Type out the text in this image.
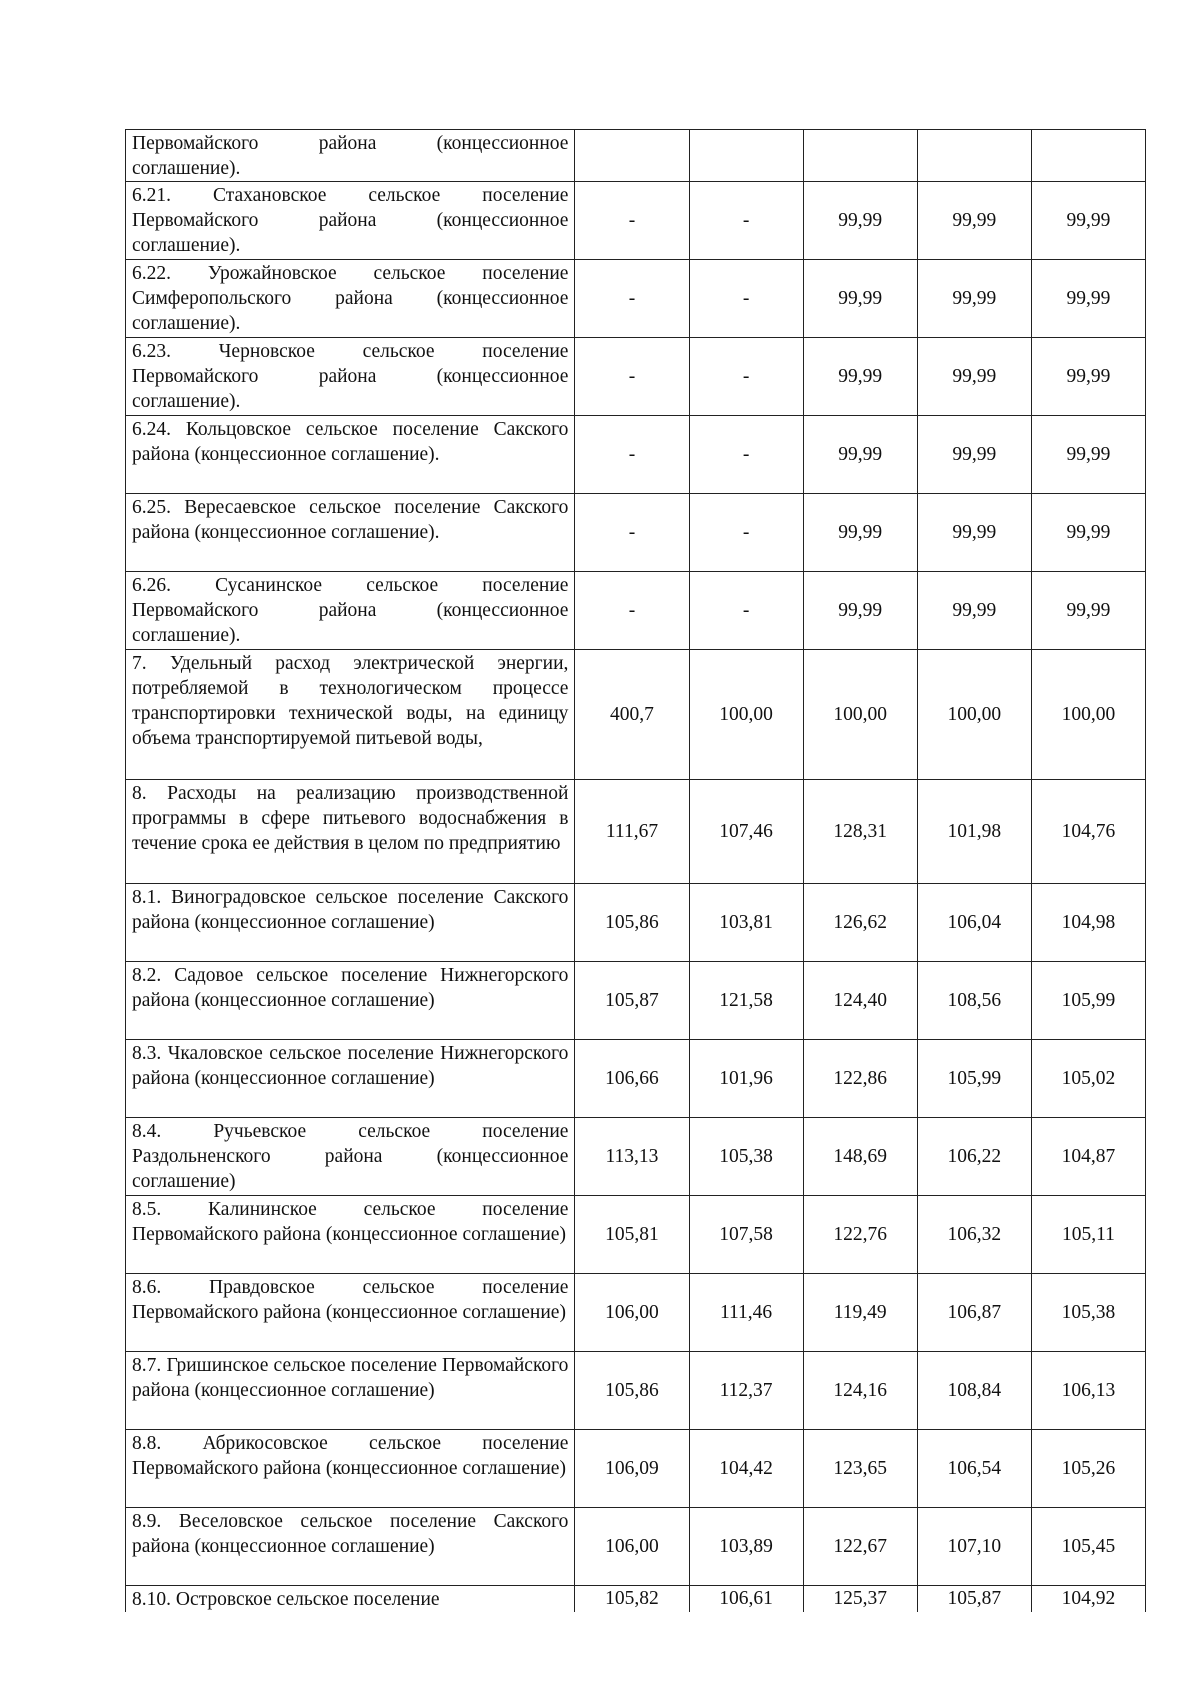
Первомайского района (концессионное соглашение).					
6.21. Стахановское сельское поселение Первомайского района (концессионное соглашение).	-	-	99,99	99,99	99,99
6.22. Урожайновское сельское поселение Симферопольского района (концессионное соглашение).	-	-	99,99	99,99	99,99
6.23. Черновское сельское поселение Первомайского района (концессионное соглашение).	-	-	99,99	99,99	99,99
6.24. Кольцовское сельское поселение Сакского района (концессионное соглашение).	-	-	99,99	99,99	99,99
6.25. Вересаевское сельское поселение Сакского района (концессионное соглашение).	-	-	99,99	99,99	99,99
6.26. Сусанинское сельское поселение Первомайского района (концессионное соглашение).	-	-	99,99	99,99	99,99
7. Удельный расход электрической энергии, потребляемой в технологическом процессе транспортировки технической воды, на единицу объема транспортируемой питьевой воды,	400,7	100,00	100,00	100,00	100,00
8. Расходы на реализацию производственной программы в сфере питьевого водоснабжения в течение срока ее действия в целом по предприятию	111,67	107,46	128,31	101,98	104,76
8.1. Виноградовское сельское поселение Сакского района (концессионное соглашение)	105,86	103,81	126,62	106,04	104,98
8.2. Садовое сельское поселение Нижнегорского района (концессионное соглашение)	105,87	121,58	124,40	108,56	105,99
8.3. Чкаловское сельское поселение Нижнегорского района (концессионное соглашение)	106,66	101,96	122,86	105,99	105,02
8.4. Ручьевское сельское поселение Раздольненского района (концессионное соглашение)	113,13	105,38	148,69	106,22	104,87
8.5. Калининское сельское поселение Первомайского района (концессионное соглашение)	105,81	107,58	122,76	106,32	105,11
8.6. Правдовское сельское поселение Первомайского района (концессионное соглашение)	106,00	111,46	119,49	106,87	105,38
8.7. Гришинское сельское поселение Первомайского района (концессионное соглашение)	105,86	112,37	124,16	108,84	106,13
8.8. Абрикосовское сельское поселение Первомайского района (концессионное соглашение)	106,09	104,42	123,65	106,54	105,26
8.9. Веселовское сельское поселение Сакского района (концессионное соглашение)	106,00	103,89	122,67	107,10	105,45
8.10. Островское сельское поселение	105,82	106,61	125,37	105,87	104,92
